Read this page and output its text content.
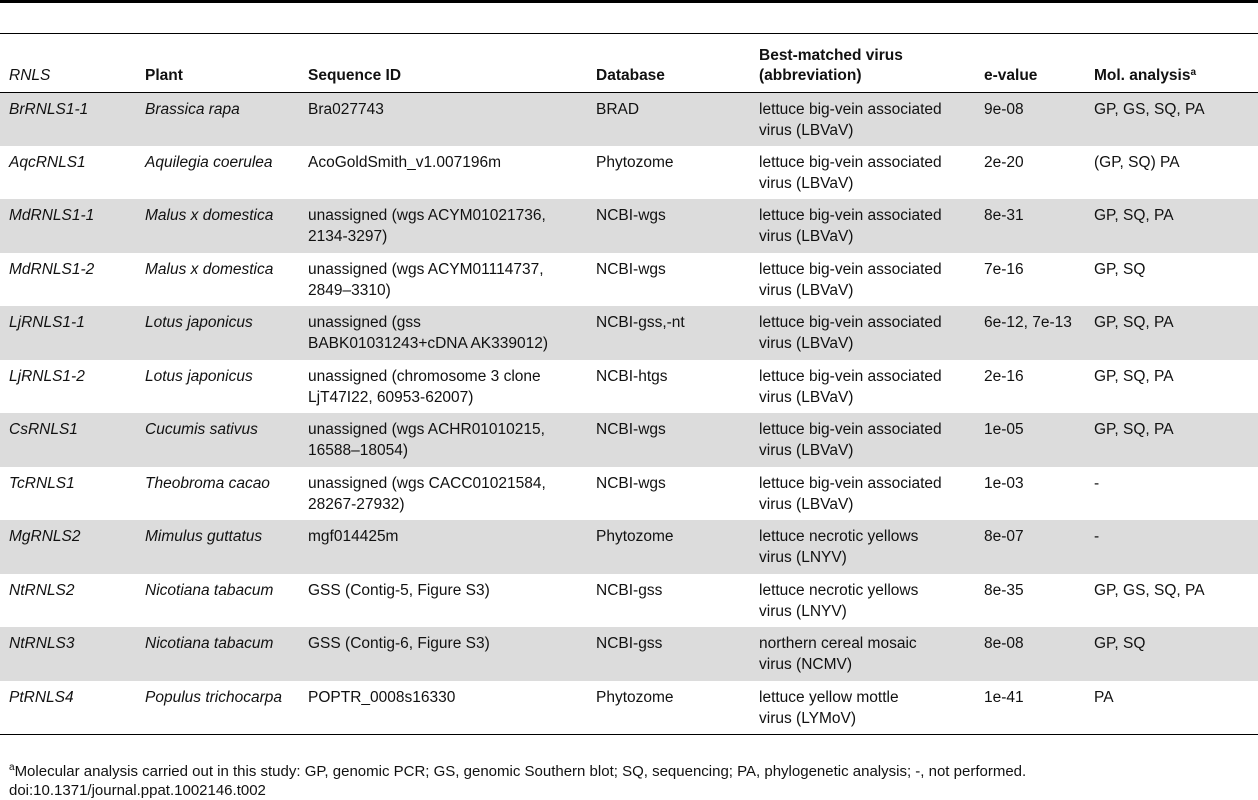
RNLS	Plant	Sequence ID	Database	Best-matched virus
(abbreviation)	e-value	Mol. analysis$^a$
BrRNLS1-1	Brassica rapa	Bra027743	BRAD	lettuce big-vein associated
virus (LBVaV)	9e-08	GP, GS, SQ, PA
AqcRNLS1	Aquilegia coerulea	AcoGoldSmith_v1.007196m	Phytozome	lettuce big-vein associated
virus (LBVaV)	2e-20	(GP, SQ) PA
MdRNLS1-1	Malus x domestica	unassigned (wgs ACYM01021736,
2134-3297)	NCBI-wgs	lettuce big-vein associated
virus (LBVaV)	8e-31	GP, SQ, PA
MdRNLS1-2	Malus x domestica	unassigned (wgs ACYM01114737,
2849–3310)	NCBI-wgs	lettuce big-vein associated
virus (LBVaV)	7e-16	GP, SQ
LjRNLS1-1	Lotus japonicus	unassigned (gss
BABK01031243+cDNA AK339012)	NCBI-gss,-nt	lettuce big-vein associated
virus (LBVaV)	6e-12, 7e-13	GP, SQ, PA
LjRNLS1-2	Lotus japonicus	unassigned (chromosome 3 clone
LjT47I22, 60953-62007)	NCBI-htgs	lettuce big-vein associated
virus (LBVaV)	2e-16	GP, SQ, PA
CsRNLS1	Cucumis sativus	unassigned (wgs ACHR01010215,
16588–18054)	NCBI-wgs	lettuce big-vein associated
virus (LBVaV)	1e-05	GP, SQ, PA
TcRNLS1	Theobroma cacao	unassigned (wgs CACC01021584,
28267-27932)	NCBI-wgs	lettuce big-vein associated
virus (LBVaV)	1e-03	-
MgRNLS2	Mimulus guttatus	mgf014425m	Phytozome	lettuce necrotic yellows
virus (LNYV)	8e-07	-
NtRNLS2	Nicotiana tabacum	GSS (Contig-5, Figure S3)	NCBI-gss	lettuce necrotic yellows
virus (LNYV)	8e-35	GP, GS, SQ, PA
NtRNLS3	Nicotiana tabacum	GSS (Contig-6, Figure S3)	NCBI-gss	northern cereal mosaic
virus (NCMV)	8e-08	GP, SQ
PtRNLS4	Populus trichocarpa	POPTR_0008s16330	Phytozome	lettuce yellow mottle
virus (LYMoV)	1e-41	PA
$^a$Molecular analysis carried out in this study: GP, genomic PCR; GS, genomic Southern blot; SQ, sequencing; PA, phylogenetic analysis; -, not performed.
doi:10.1371/journal.ppat.1002146.t002
